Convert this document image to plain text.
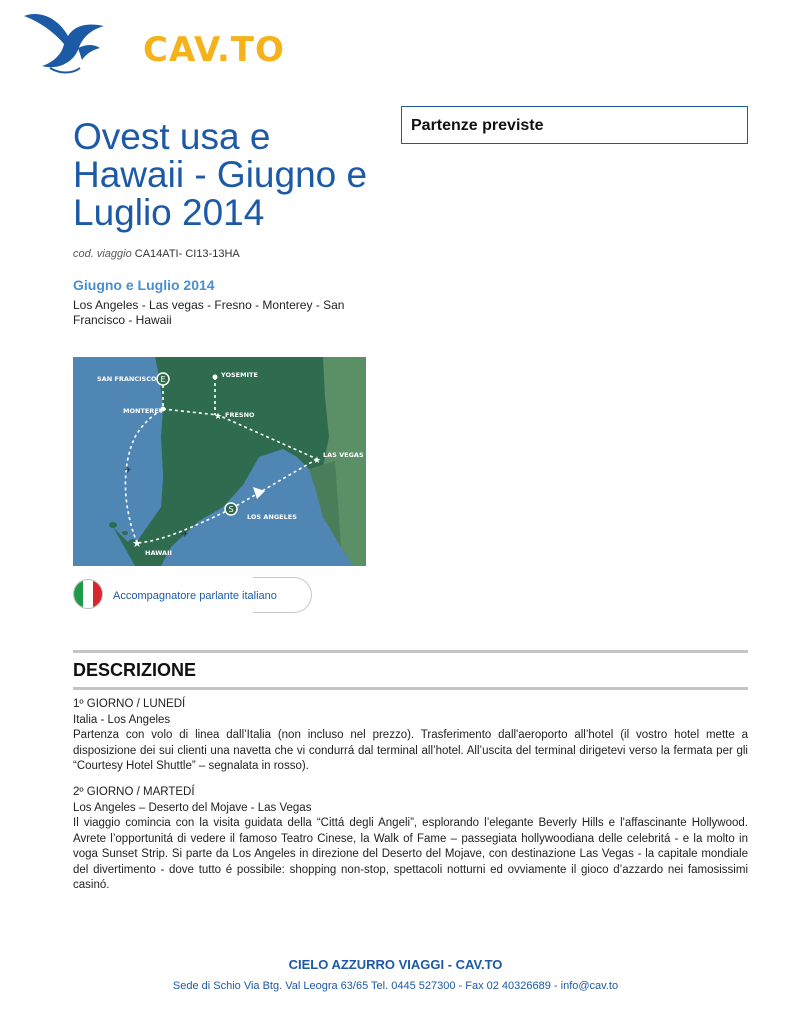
CAV.TO
Ovest usa e Hawaii - Giugno e Luglio 2014
cod. viaggio CA14ATI- CI13-13HA
Giugno e Luglio 2014
Los Angeles - Las vegas - Fresno - Monterey - San Francisco - Hawaii
E
S
★
★
★
✈
✈
SAN FRANCISCO	YOSEMITE
MONTEREY	FRESNO
LAS VEGAS
LOS ANGELES
HAWAII
Accompagnatore parlante italiano
Partenze previste
DESCRIZIONE

1º GIORNO / LUNEDÍ

Italia - Los Angeles

Partenza con volo di linea dall’Italia (non incluso nel prezzo). Trasferimento dall'aeroporto all’hotel (il vostro hotel mette a disposizione dei sui clienti una navetta che vi condurrá dal terminal all’hotel. All’uscita del terminal dirigetevi verso la fermata per gli “Courtesy Hotel Shuttle” – segnalata in rosso).

2º GIORNO / MARTEDÍ

Los Angeles – Deserto del Mojave - Las Vegas

Il viaggio comincia con la visita guidata della “Cittá degli Angeli”, esplorando l’elegante Beverly Hills e l'affascinante Hollywood. Avrete l’opportunitá di vedere il famoso Teatro Cinese, la Walk of Fame – passegiata hollywoodiana delle celebritá - e la molto in voga Sunset Strip. Si parte da Los Angeles in direzione del Deserto del Mojave, con destinazione Las Vegas - la capitale mondiale del divertimento - dove tutto é possibile: shopping non-stop, spettacoli notturni ed ovviamente il gioco d’azzardo nei famosissimi casinó.

CIELO AZZURRO VIAGGI - CAV.TO
Sede di Schio Via Btg. Val Leogra 63/65 Tel. 0445 527300 - Fax 02 40326689 - info@cav.to
